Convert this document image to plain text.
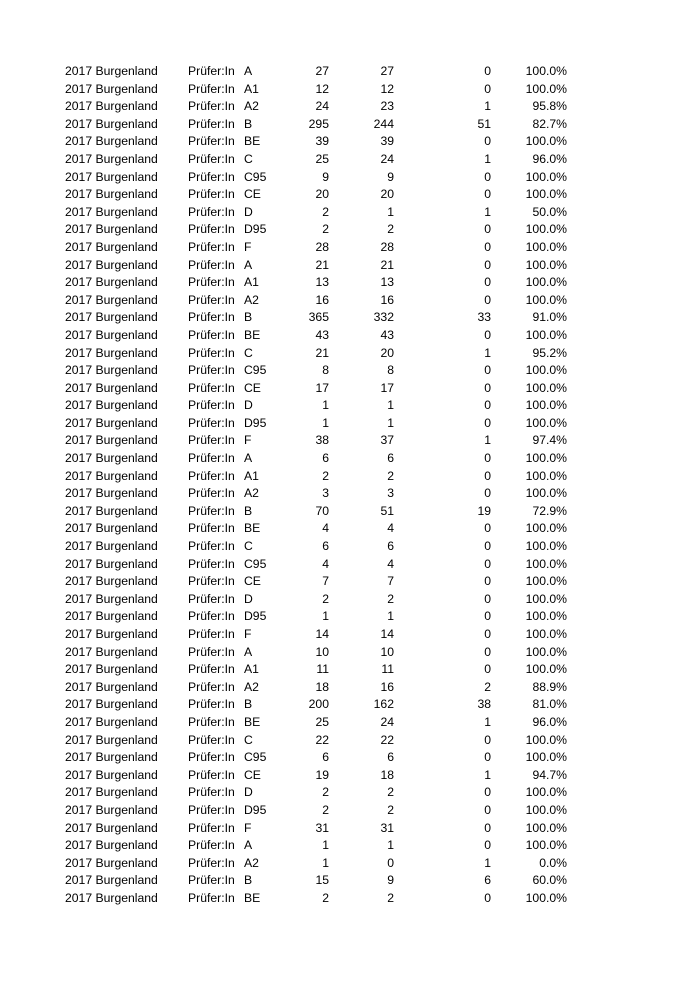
2017 Burgenland Prüfer:In A	27	27	0	100.0%
2017 Burgenland Prüfer:In A1	12	12	0	100.0%
2017 Burgenland Prüfer:In A2	24	23	1	95.8%
2017 Burgenland Prüfer:In B	295	244	51	82.7%
2017 Burgenland Prüfer:In BE	39	39	0	100.0%
2017 Burgenland Prüfer:In C	25	24	1	96.0%
2017 Burgenland Prüfer:In C95	9	9	0	100.0%
2017 Burgenland Prüfer:In CE	20	20	0	100.0%
2017 Burgenland Prüfer:In D	2	1	1	50.0%
2017 Burgenland Prüfer:In D95	2	2	0	100.0%
2017 Burgenland Prüfer:In F	28	28	0	100.0%
2017 Burgenland Prüfer:In A	21	21	0	100.0%
2017 Burgenland Prüfer:In A1	13	13	0	100.0%
2017 Burgenland Prüfer:In A2	16	16	0	100.0%
2017 Burgenland Prüfer:In B	365	332	33	91.0%
2017 Burgenland Prüfer:In BE	43	43	0	100.0%
2017 Burgenland Prüfer:In C	21	20	1	95.2%
2017 Burgenland Prüfer:In C95	8	8	0	100.0%
2017 Burgenland Prüfer:In CE	17	17	0	100.0%
2017 Burgenland Prüfer:In D	1	1	0	100.0%
2017 Burgenland Prüfer:In D95	1	1	0	100.0%
2017 Burgenland Prüfer:In F	38	37	1	97.4%
2017 Burgenland Prüfer:In A	6	6	0	100.0%
2017 Burgenland Prüfer:In A1	2	2	0	100.0%
2017 Burgenland Prüfer:In A2	3	3	0	100.0%
2017 Burgenland Prüfer:In B	70	51	19	72.9%
2017 Burgenland Prüfer:In BE	4	4	0	100.0%
2017 Burgenland Prüfer:In C	6	6	0	100.0%
2017 Burgenland Prüfer:In C95	4	4	0	100.0%
2017 Burgenland Prüfer:In CE	7	7	0	100.0%
2017 Burgenland Prüfer:In D	2	2	0	100.0%
2017 Burgenland Prüfer:In D95	1	1	0	100.0%
2017 Burgenland Prüfer:In F	14	14	0	100.0%
2017 Burgenland Prüfer:In A	10	10	0	100.0%
2017 Burgenland Prüfer:In A1	11	11	0	100.0%
2017 Burgenland Prüfer:In A2	18	16	2	88.9%
2017 Burgenland Prüfer:In B	200	162	38	81.0%
2017 Burgenland Prüfer:In BE	25	24	1	96.0%
2017 Burgenland Prüfer:In C	22	22	0	100.0%
2017 Burgenland Prüfer:In C95	6	6	0	100.0%
2017 Burgenland Prüfer:In CE	19	18	1	94.7%
2017 Burgenland Prüfer:In D	2	2	0	100.0%
2017 Burgenland Prüfer:In D95	2	2	0	100.0%
2017 Burgenland Prüfer:In F	31	31	0	100.0%
2017 Burgenland Prüfer:In A	1	1	0	100.0%
2017 Burgenland Prüfer:In A2	1	0	1	0.0%
2017 Burgenland Prüfer:In B	15	9	6	60.0%
2017 Burgenland Prüfer:In BE	2	2	0	100.0%
